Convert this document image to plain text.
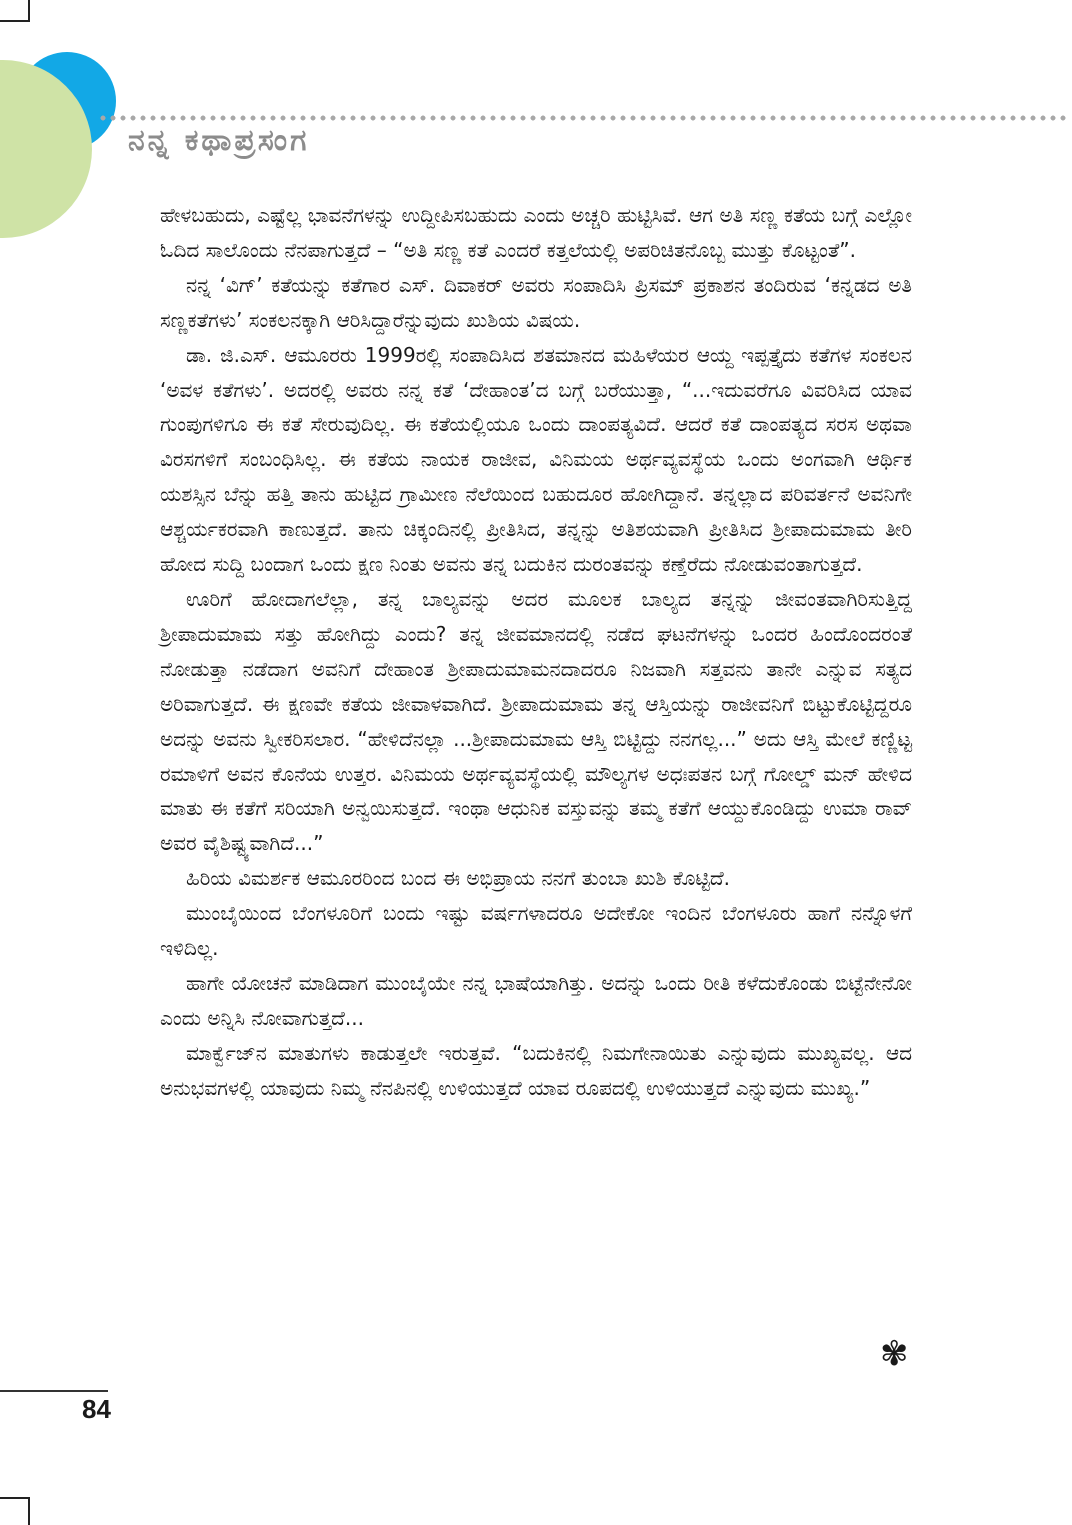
ನನ್ನ ಕಥಾಪ್ರಸಂಗ

ಹೇಳಬಹುದು, ಎಷ್ಟೆಲ್ಲ ಭಾವನೆಗಳನ್ನು ಉದ್ದೀಪಿಸಬಹುದು ಎಂದು ಅಚ್ಚರಿ ಹುಟ್ಟಿಸಿವೆ. ಆಗ ಅತಿ ಸಣ್ಣ ಕತೆಯ ಬಗ್ಗೆ ಎಲ್ಲೋ ಓದಿದ ಸಾಲೊಂದು ನೆನಪಾಗುತ್ತದೆ – “ಅತಿ ಸಣ್ಣ ಕತೆ ಎಂದರೆ ಕತ್ತಲೆಯಲ್ಲಿ ಅಪರಿಚಿತನೊಬ್ಬ ಮುತ್ತು ಕೊಟ್ಟಂತೆ”.

ನನ್ನ ‘ವಿಗ್’ ಕತೆಯನ್ನು ಕತೆಗಾರ ಎಸ್. ದಿವಾಕರ್ ಅವರು ಸಂಪಾದಿಸಿ ಪ್ರಿಸಮ್ ಪ್ರಕಾಶನ ತಂದಿರುವ ‘ಕನ್ನಡದ ಅತಿ ಸಣ್ಣಕತೆಗಳು’ ಸಂಕಲನಕ್ಕಾಗಿ ಆರಿಸಿದ್ದಾರೆನ್ನುವುದು ಖುಶಿಯ ವಿಷಯ.

ಡಾ. ಜಿ.ಎಸ್. ಆಮೂರರು 1999ರಲ್ಲಿ ಸಂಪಾದಿಸಿದ ಶತಮಾನದ ಮಹಿಳೆಯರ ಆಯ್ದ ಇಪ್ಪತ್ತೈದು ಕತೆಗಳ ಸಂಕಲನ ‘ಅವಳ ಕತೆಗಳು’. ಅದರಲ್ಲಿ ಅವರು ನನ್ನ ಕತೆ ‘ದೇಹಾಂತ’ದ ಬಗ್ಗೆ ಬರೆಯುತ್ತಾ, “...ಇದುವರೆಗೂ ವಿವರಿಸಿದ ಯಾವ ಗುಂಪುಗಳಿಗೂ ಈ ಕತೆ ಸೇರುವುದಿಲ್ಲ. ಈ ಕತೆಯಲ್ಲಿಯೂ ಒಂದು ದಾಂಪತ್ಯವಿದೆ. ಆದರೆ ಕತೆ ದಾಂಪತ್ಯದ ಸರಸ ಅಥವಾ ವಿರಸಗಳಿಗೆ ಸಂಬಂಧಿಸಿಲ್ಲ. ಈ ಕತೆಯ ನಾಯಕ ರಾಜೀವ, ವಿನಿಮಯ ಅರ್ಥವ್ಯವಸ್ಥೆಯ ಒಂದು ಅಂಗವಾಗಿ ಆರ್ಥಿಕ ಯಶಸ್ಸಿನ ಬೆನ್ನು ಹತ್ತಿ ತಾನು ಹುಟ್ಟಿದ ಗ್ರಾಮೀಣ ನೆಲೆಯಿಂದ ಬಹುದೂರ ಹೋಗಿದ್ದಾನೆ. ತನ್ನಲ್ಲಾದ ಪರಿವರ್ತನೆ ಅವನಿಗೇ ಆಶ್ಚರ್ಯಕರವಾಗಿ ಕಾಣುತ್ತದೆ. ತಾನು ಚಿಕ್ಕಂದಿನಲ್ಲಿ ಪ್ರೀತಿಸಿದ, ತನ್ನನ್ನು ಅತಿಶಯವಾಗಿ ಪ್ರೀತಿಸಿದ ಶ್ರೀಪಾದುಮಾಮ ತೀರಿ ಹೋದ ಸುದ್ದಿ ಬಂದಾಗ ಒಂದು ಕ್ಷಣ ನಿಂತು ಅವನು ತನ್ನ ಬದುಕಿನ ದುರಂತವನ್ನು ಕಣ್ತೆರೆದು ನೋಡುವಂತಾಗುತ್ತದೆ.

ಊರಿಗೆ ಹೋದಾಗಲೆಲ್ಲಾ, ತನ್ನ ಬಾಲ್ಯವನ್ನು ಅದರ ಮೂಲಕ ಬಾಲ್ಯದ ತನ್ನನ್ನು ಜೀವಂತವಾಗಿರಿಸುತ್ತಿದ್ದ ಶ್ರೀಪಾದುಮಾಮ ಸತ್ತು ಹೋಗಿದ್ದು ಎಂದು? ತನ್ನ ಜೀವಮಾನದಲ್ಲಿ ನಡೆದ ಘಟನೆಗಳನ್ನು ಒಂದರ ಹಿಂದೊಂದರಂತೆ ನೋಡುತ್ತಾ ನಡೆದಾಗ ಅವನಿಗೆ ದೇಹಾಂತ ಶ್ರೀಪಾದುಮಾಮನದಾದರೂ ನಿಜವಾಗಿ ಸತ್ತವನು ತಾನೇ ಎನ್ನುವ ಸತ್ಯದ ಅರಿವಾಗುತ್ತದೆ. ಈ ಕ್ಷಣವೇ ಕತೆಯ ಜೀವಾಳವಾಗಿದೆ. ಶ್ರೀಪಾದುಮಾಮ ತನ್ನ ಆಸ್ತಿಯನ್ನು ರಾಜೀವನಿಗೆ ಬಿಟ್ಟುಕೊಟ್ಟಿದ್ದರೂ ಅದನ್ನು ಅವನು ಸ್ವೀಕರಿಸಲಾರ. “ಹೇಳಿದೆನಲ್ಲಾ ...ಶ್ರೀಪಾದುಮಾಮ ಆಸ್ತಿ ಬಿಟ್ಟಿದ್ದು ನನಗಲ್ಲ...” ಅದು ಆಸ್ತಿ ಮೇಲೆ ಕಣ್ಣಿಟ್ಟ ರಮಾಳಿಗೆ ಅವನ ಕೊನೆಯ ಉತ್ತರ. ವಿನಿಮಯ ಅರ್ಥವ್ಯವಸ್ಥೆಯಲ್ಲಿ ಮೌಲ್ಯಗಳ ಅಧಃಪತನ ಬಗ್ಗೆ ಗೋಲ್ಡ್ ಮನ್ ಹೇಳಿದ ಮಾತು ಈ ಕತೆಗೆ ಸರಿಯಾಗಿ ಅನ್ವಯಿಸುತ್ತದೆ. ಇಂಥಾ ಆಧುನಿಕ ವಸ್ತುವನ್ನು ತಮ್ಮ ಕತೆಗೆ ಆಯ್ದುಕೊಂಡಿದ್ದು ಉಮಾ ರಾವ್ ಅವರ ವೈಶಿಷ್ಟ್ಯವಾಗಿದೆ...”

ಹಿರಿಯ ವಿಮರ್ಶಕ ಆಮೂರರಿಂದ ಬಂದ ಈ ಅಭಿಪ್ರಾಯ ನನಗೆ ತುಂಬಾ ಖುಶಿ ಕೊಟ್ಟಿದೆ.

ಮುಂಬೈಯಿಂದ ಬೆಂಗಳೂರಿಗೆ ಬಂದು ಇಷ್ಟು ವರ್ಷಗಳಾದರೂ ಅದೇಕೋ ಇಂದಿನ ಬೆಂಗಳೂರು ಹಾಗೆ ನನ್ನೊಳಗೆ ಇಳಿದಿಲ್ಲ.

ಹಾಗೇ ಯೋಚನೆ ಮಾಡಿದಾಗ ಮುಂಬೈಯೇ ನನ್ನ ಭಾಷೆಯಾಗಿತ್ತು. ಅದನ್ನು ಒಂದು ರೀತಿ ಕಳೆದುಕೊಂಡು ಬಿಟ್ಟೆನೇನೋ ಎಂದು ಅನ್ನಿಸಿ ನೋವಾಗುತ್ತದೆ...

ಮಾರ್ಕ್ವೆಜ್‌ನ ಮಾತುಗಳು ಕಾಡುತ್ತಲೇ ಇರುತ್ತವೆ. “ಬದುಕಿನಲ್ಲಿ ನಿಮಗೇನಾಯಿತು ಎನ್ನುವುದು ಮುಖ್ಯವಲ್ಲ. ಆದ ಅನುಭವಗಳಲ್ಲಿ ಯಾವುದು ನಿಮ್ಮ ನೆನಪಿನಲ್ಲಿ ಉಳಿಯುತ್ತದೆ ಯಾವ ರೂಪದಲ್ಲಿ ಉಳಿಯುತ್ತದೆ ಎನ್ನುವುದು ಮುಖ್ಯ.”

✾
84
